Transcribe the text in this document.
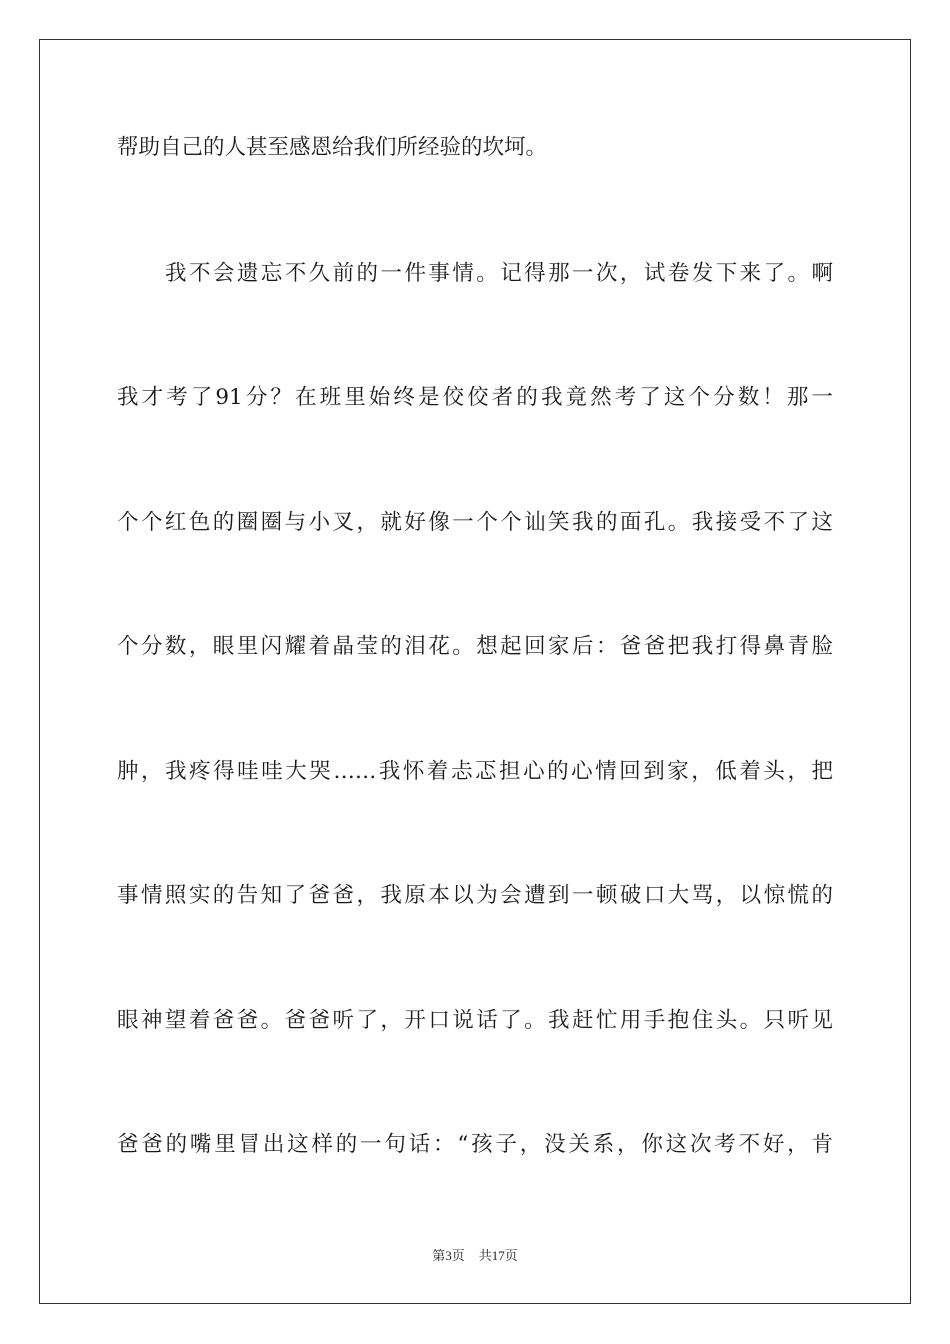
帮助自己的人甚至感恩给我们所经验的坎坷。
我不会遗忘不久前的一件事情。记得那一次，试卷发下来了。啊
我才考了91分？在班里始终是佼佼者的我竟然考了这个分数！那一
个个红色的圈圈与小叉，就好像一个个讪笑我的面孔。我接受不了这
个分数，眼里闪耀着晶莹的泪花。想起回家后：爸爸把我打得鼻青脸
肿，我疼得哇哇大哭……我怀着忐忑担心的心情回到家，低着头，把
事情照实的告知了爸爸，我原本以为会遭到一顿破口大骂，以惊慌的
眼神望着爸爸。爸爸听了，开口说话了。我赶忙用手抱住头。只听见
爸爸的嘴里冒出这样的一句话：“孩子，没关系，你这次考不好，肯
第3页 共17页
